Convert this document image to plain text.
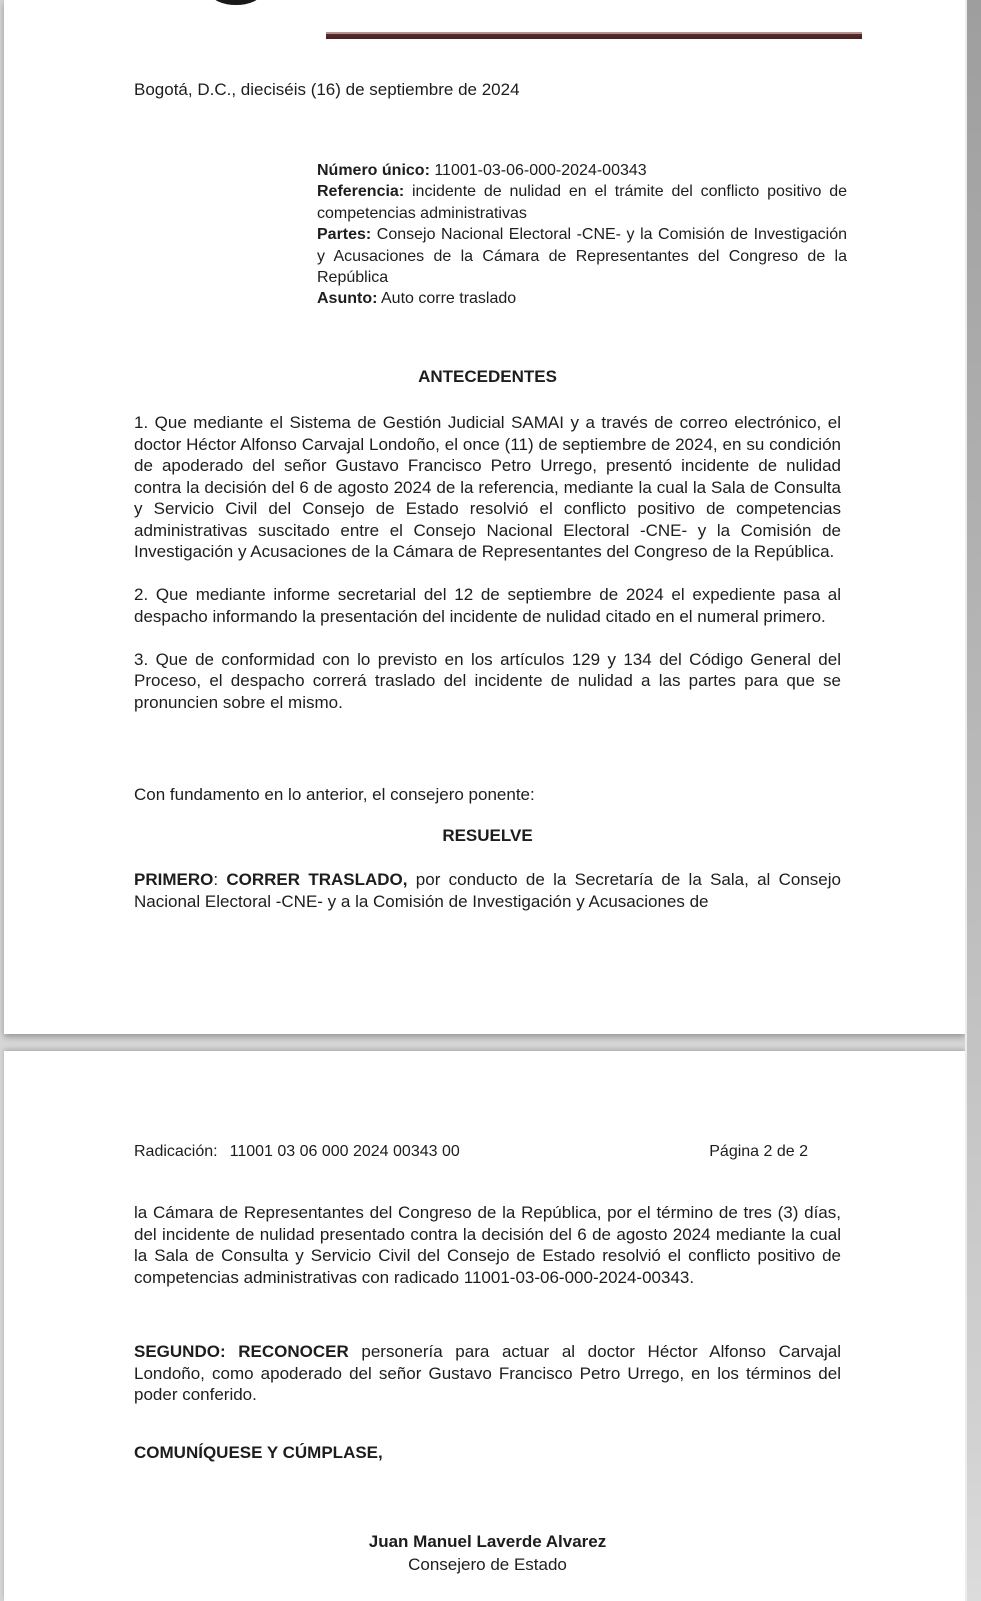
Bogotá, D.C., dieciséis (16) de septiembre de 2024

Número único: 11001-03-06-000-2024-00343

Referencia: incidente de nulidad en el trámite del conflicto positivo de competencias administrativas

Partes: Consejo Nacional Electoral -CNE- y la Comisión de Investigación y Acusaciones de la Cámara de Representantes del Congreso de la República

Asunto: Auto corre traslado

ANTECEDENTES

1. Que mediante el Sistema de Gestión Judicial SAMAI y a través de correo electrónico, el doctor Héctor Alfonso Carvajal Londoño, el once (11) de septiembre de 2024, en su condición de apoderado del señor Gustavo Francisco Petro Urrego, presentó incidente de nulidad contra la decisión del 6 de agosto 2024 de la referencia, mediante la cual la Sala de Consulta y Servicio Civil del Consejo de Estado resolvió el conflicto positivo de competencias administrativas suscitado entre el Consejo Nacional Electoral -CNE- y la Comisión de Investigación y Acusaciones de la Cámara de Representantes del Congreso de la República.

2. Que mediante informe secretarial del 12 de septiembre de 2024 el expediente pasa al despacho informando la presentación del incidente de nulidad citado en el numeral primero.

3. Que de conformidad con lo previsto en los artículos 129 y 134 del Código General del Proceso, el despacho correrá traslado del incidente de nulidad a las partes para que se pronuncien sobre el mismo.

Con fundamento en lo anterior, el consejero ponente:

RESUELVE

PRIMERO: CORRER TRASLADO, por conducto de la Secretaría de la Sala, al Consejo Nacional Electoral -CNE- y a la Comisión de Investigación y Acusaciones de

Radicación: 11001 03 06 000 2024 00343 00	Página 2 de 2

la Cámara de Representantes del Congreso de la República, por el término de tres (3) días, del incidente de nulidad presentado contra la decisión del 6 de agosto 2024 mediante la cual la Sala de Consulta y Servicio Civil del Consejo de Estado resolvió el conflicto positivo de competencias administrativas con radicado 11001-03-06-000-2024-00343.

SEGUNDO: RECONOCER personería para actuar al doctor Héctor Alfonso Carvajal Londoño, como apoderado del señor Gustavo Francisco Petro Urrego, en los términos del poder conferido.

COMUNÍQUESE Y CÚMPLASE,

Juan Manuel Laverde Alvarez
Consejero de Estado
